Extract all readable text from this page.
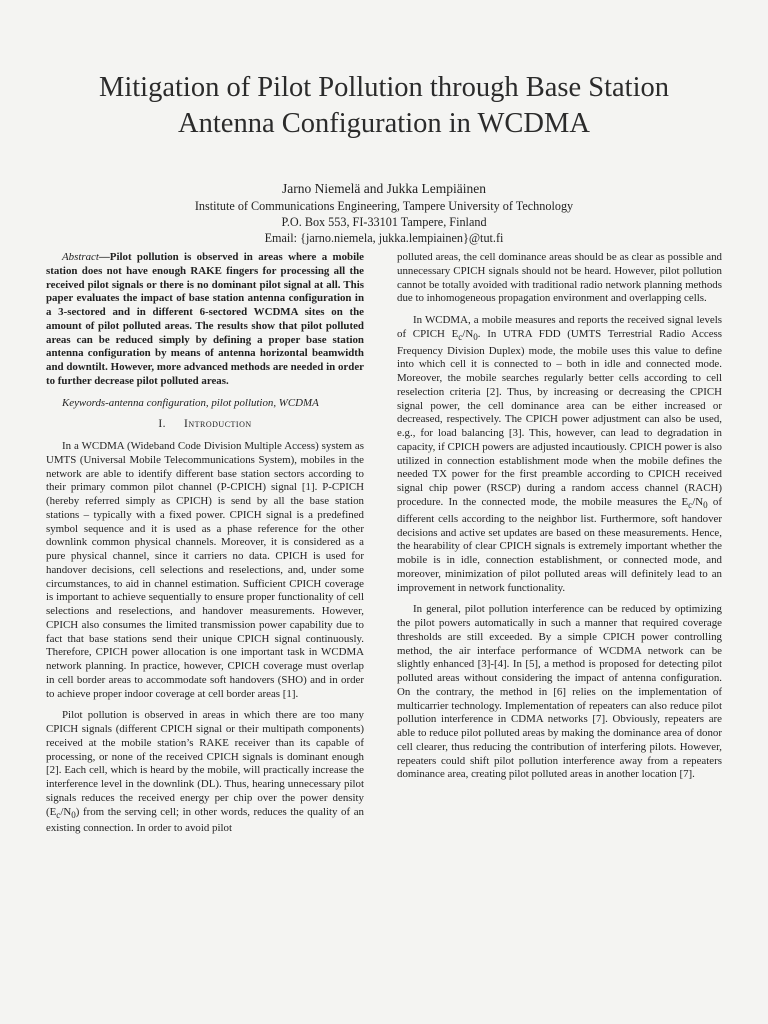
Mitigation of Pilot Pollution through Base Station
Antenna Configuration in WCDMA
Jarno Niemelä and Jukka Lempiäinen
Institute of Communications Engineering, Tampere University of Technology
P.O. Box 553, FI-33101 Tampere, Finland
Email: {jarno.niemela, jukka.lempiainen}@tut.fi

Abstract—Pilot pollution is observed in areas where a mobile station does not have enough RAKE fingers for processing all the received pilot signals or there is no dominant pilot signal at all. This paper evaluates the impact of base station antenna configuration in a 3-sectored and in different 6-sectored WCDMA sites on the amount of pilot polluted areas. The results show that pilot polluted areas can be reduced simply by defining a proper base station antenna configuration by means of antenna horizontal beamwidth and downtilt. However, more advanced methods are needed in order to further decrease pilot polluted areas.

Keywords-antenna configuration, pilot pollution, WCDMA

I. Introduction

In a WCDMA (Wideband Code Division Multiple Access) system as UMTS (Universal Mobile Telecommunications System), mobiles in the network are able to identify different base station sectors according to their primary common pilot channel (P-CPICH) signal [1]. P-CPICH (hereby referred simply as CPICH) is send by all the base station stations – typically with a fixed power. CPICH signal is a predefined symbol sequence and it is used as a phase reference for the other downlink common physical channels. Moreover, it is considered as a pure physical channel, since it carriers no data. CPICH is used for handover decisions, cell selections and reselections, and, under some circumstances, to aid in channel estimation. Sufficient CPICH coverage is important to achieve sequentially to ensure proper functionality of cell selections and reselections, and handover measurements. However, CPICH also consumes the limited transmission power capability due to fact that base stations send their unique CPICH signal continuously. Therefore, CPICH power allocation is one important task in WCDMA network planning. In practice, however, CPICH coverage must overlap in cell border areas to accommodate soft handovers (SHO) and in order to achieve proper indoor coverage at cell border areas [1].

Pilot pollution is observed in areas in which there are too many CPICH signals (different CPICH signal or their multipath components) received at the mobile station’s RAKE receiver than its capable of processing, or none of the received CPICH signals is dominant enough [2]. Each cell, which is heard by the mobile, will practically increase the interference level in the downlink (DL). Thus, hearing unnecessary pilot signals reduces the received energy per chip over the power density $(E_c/N_0)$ from the serving cell; in other words, reduces the quality of an existing connection. In order to avoid pilot

polluted areas, the cell dominance areas should be as clear as possible and unnecessary CPICH signals should not be heard. However, pilot pollution cannot be totally avoided with traditional radio network planning methods due to inhomogeneous propagation environment and overlapping cells.

In WCDMA, a mobile measures and reports the received signal levels of CPICH $E_c/N_0$. In UTRA FDD (UMTS Terrestrial Radio Access Frequency Division Duplex) mode, the mobile uses this value to define into which cell it is connected to – both in idle and connected mode. Moreover, the mobile searches regularly better cells according to cell reselection criteria [2]. Thus, by increasing or decreasing the CPICH signal power, the cell dominance area can be either increased or decreased, respectively. The CPICH power adjustment can also be used, e.g., for load balancing [3]. This, however, can lead to degradation in capacity, if CPICH powers are adjusted incautiously. CPICH power is also utilized in connection establishment mode when the mobile defines the needed TX power for the first preamble according to CPICH received signal chip power (RSCP) during a random access channel (RACH) procedure. In the connected mode, the mobile measures the $E_c/N_0$ of different cells according to the neighbor list. Furthermore, soft handover decisions and active set updates are based on these measurements. Hence, the hearability of clear CPICH signals is extremely important whether the mobile is in idle, connection establishment, or connected mode, and moreover, minimization of pilot polluted areas will definitely lead to an improvement in network functionality.

In general, pilot pollution interference can be reduced by optimizing the pilot powers automatically in such a manner that required coverage thresholds are still exceeded. By a simple CPICH power controlling method, the air interface performance of WCDMA network can be slightly enhanced [3]-[4]. In [5], a method is proposed for detecting pilot polluted areas without considering the impact of antenna configuration. On the contrary, the method in [6] relies on the implementation of multicarrier technology. Implementation of repeaters can also reduce pilot pollution interference in CDMA networks [7]. Obviously, repeaters are able to reduce pilot polluted areas by making the dominance area of donor cell clearer, thus reducing the contribution of interfering pilots. However, repeaters could shift pilot pollution interference away from a repeaters dominance area, creating pilot polluted areas in another location [7].
